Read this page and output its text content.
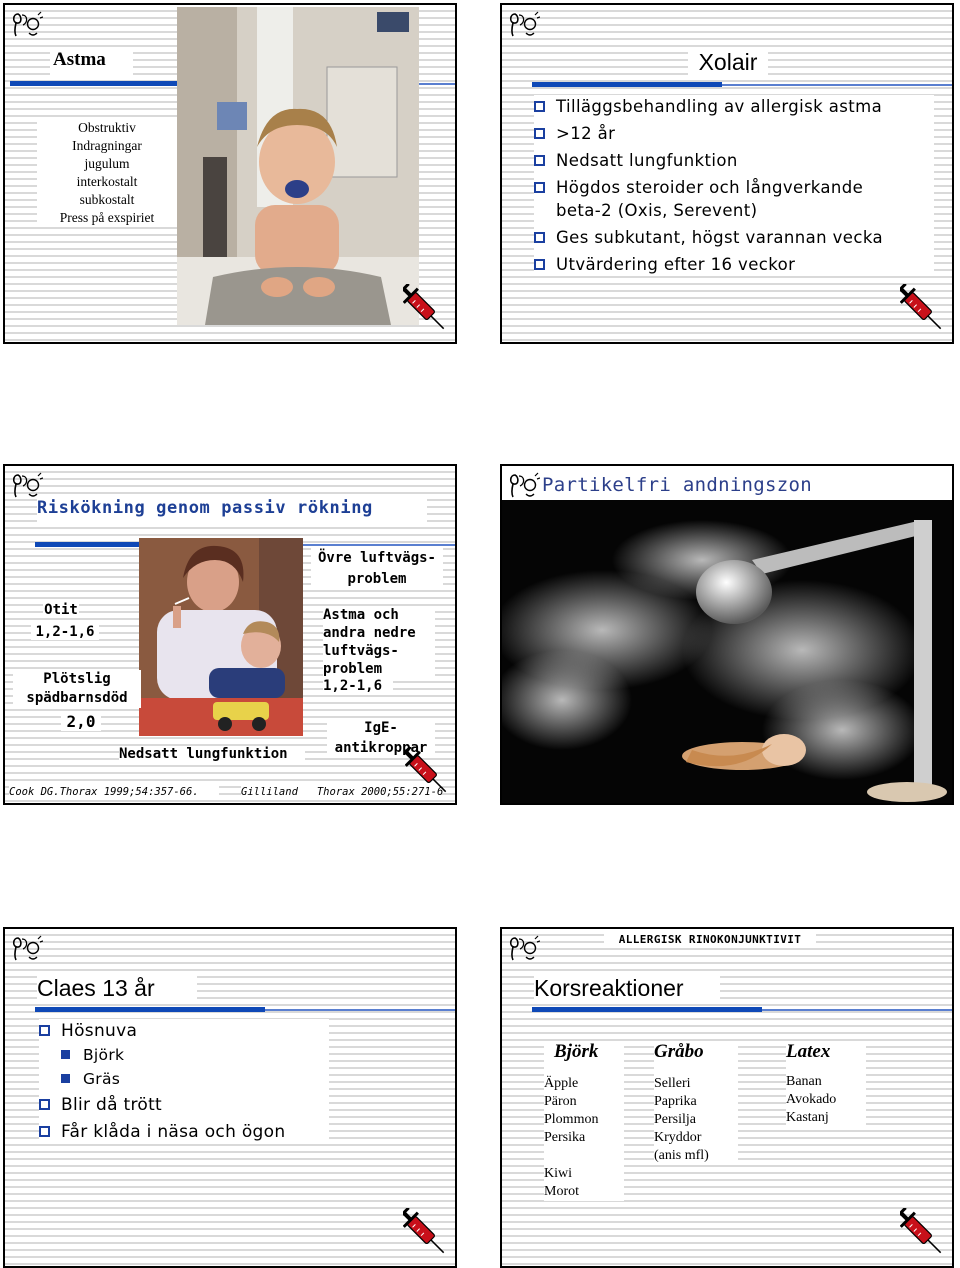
Astma
Obstruktiv
Indragningar
jugulum
interkostalt
subkostalt
Press på exspiriet
Xolair
Tilläggsbehandling av allergisk astma
>12 år
Nedsatt lungfunktion
Högdos steroider och långverkande beta-2 (Oxis, Serevent)
Ges subkutant, högst varannan vecka
Utvärdering efter 16 veckor
Riskökning genom passiv rökning
Otit
1,2-1,6
Plötslig spädbarnsdöd
2,0
Övre luftvägs-problem
Astma och andra nedre luftvägs-problem
1,2-1,6
IgE-antikroppar
Nedsatt lungfunktion
Cook DG.Thorax 1999;54:357-66.	Gilliland   Thorax 2000;55:271-6
Partikelfri andningszon
Claes 13 år
Hösnuva
Björk
Gräs
Blir då trött
Får klåda i näsa och ögon
ALLERGISK RINOKONJUNKTIVIT
Korsreaktioner
Björk
Äpple
Päron
Plommon
Persika
Kiwi
Morot
Gråbo
Selleri
Paprika
Persilja
Kryddor
(anis mfl)
Latex
Banan
Avokado
Kastanj
